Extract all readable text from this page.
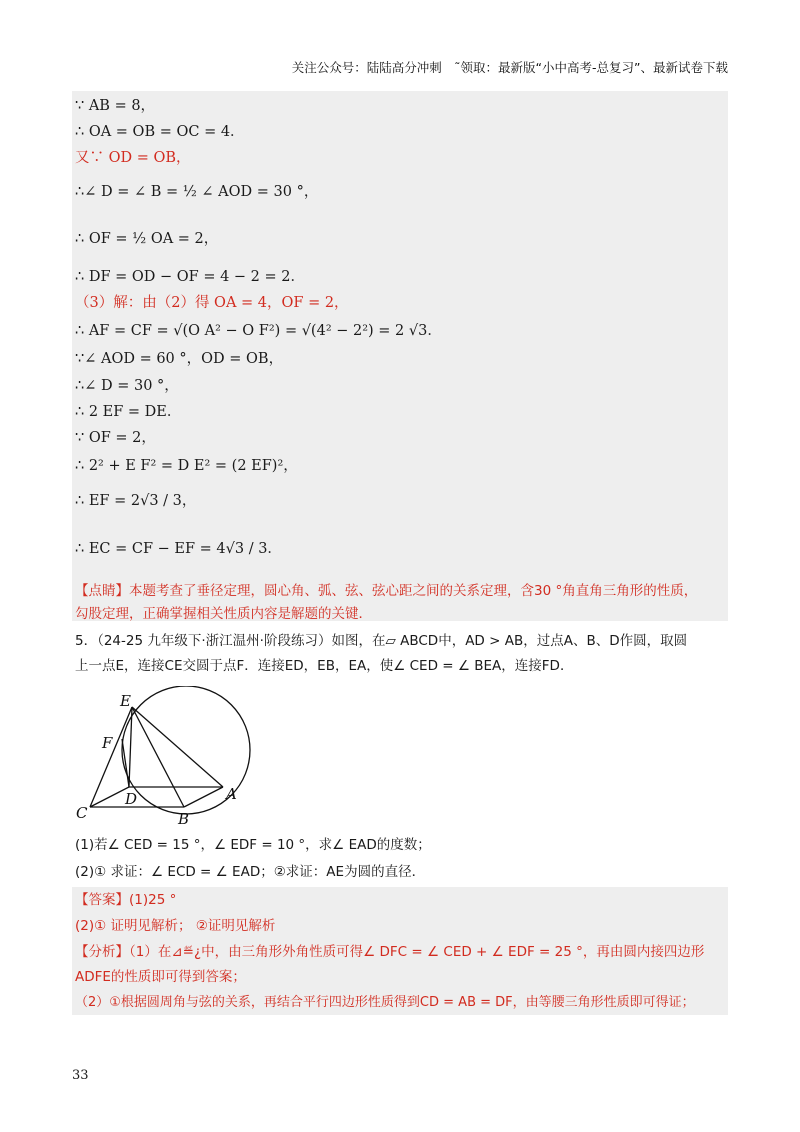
关注公众号：陆陆高分冲刺　˜领取：最新版“小中高考-总复习”、最新试卷下载
∵ AB = 8，
∴ OA = OB = OC = 4．
又∵ OD = OB，
∴∠ D = ∠ B = ½ ∠ AOD = 30 °，
∴ OF = ½ OA = 2，
∴ DF = OD − OF = 4 − 2 = 2．
（3）解：由（2）得 OA = 4，OF = 2，
∴ AF = CF = √(O A² − O F²) = √(4² − 2²) = 2 √3．
∵∠ AOD = 60 °，OD = OB，
∴∠ D = 30 °，
∴ 2 EF = DE．
∵ OF = 2，
∴ 2² + E F² = D E² = (2 EF)²，
∴ EF = 2√3 / 3，
∴ EC = CF − EF = 4√3 / 3．
【点睛】本题考查了垂径定理，圆心角、弧、弦、弦心距之间的关系定理，含30 °角直角三角形的性质，
勾股定理，正确掌握相关性质内容是解题的关键．
5．（24-25 九年级下·浙江温州·阶段练习）如图，在▱ ABCD中，AD > AB，过点A、B、D作圆，取圆
上一点E，连接CE交圆于点F．连接ED，EB，EA，使∠ CED = ∠ BEA，连接FD．
E
F
C
D
B
A
(1)若∠ CED = 15 °，∠ EDF = 10 °，求∠ EAD的度数；
(2)① 求证：∠ ECD = ∠ EAD；②求证：AE为圆的直径．
【答案】(1)25 °
(2)① 证明见解析； ②证明见解析
【分析】（1）在⊿≝¿中，由三角形外角性质可得∠ DFC = ∠ CED + ∠ EDF = 25 °，再由圆内接四边形
ADFE的性质即可得到答案；
（2）①根据圆周角与弦的关系，再结合平行四边形性质得到CD = AB = DF，由等腰三角形性质即可得证；
33
